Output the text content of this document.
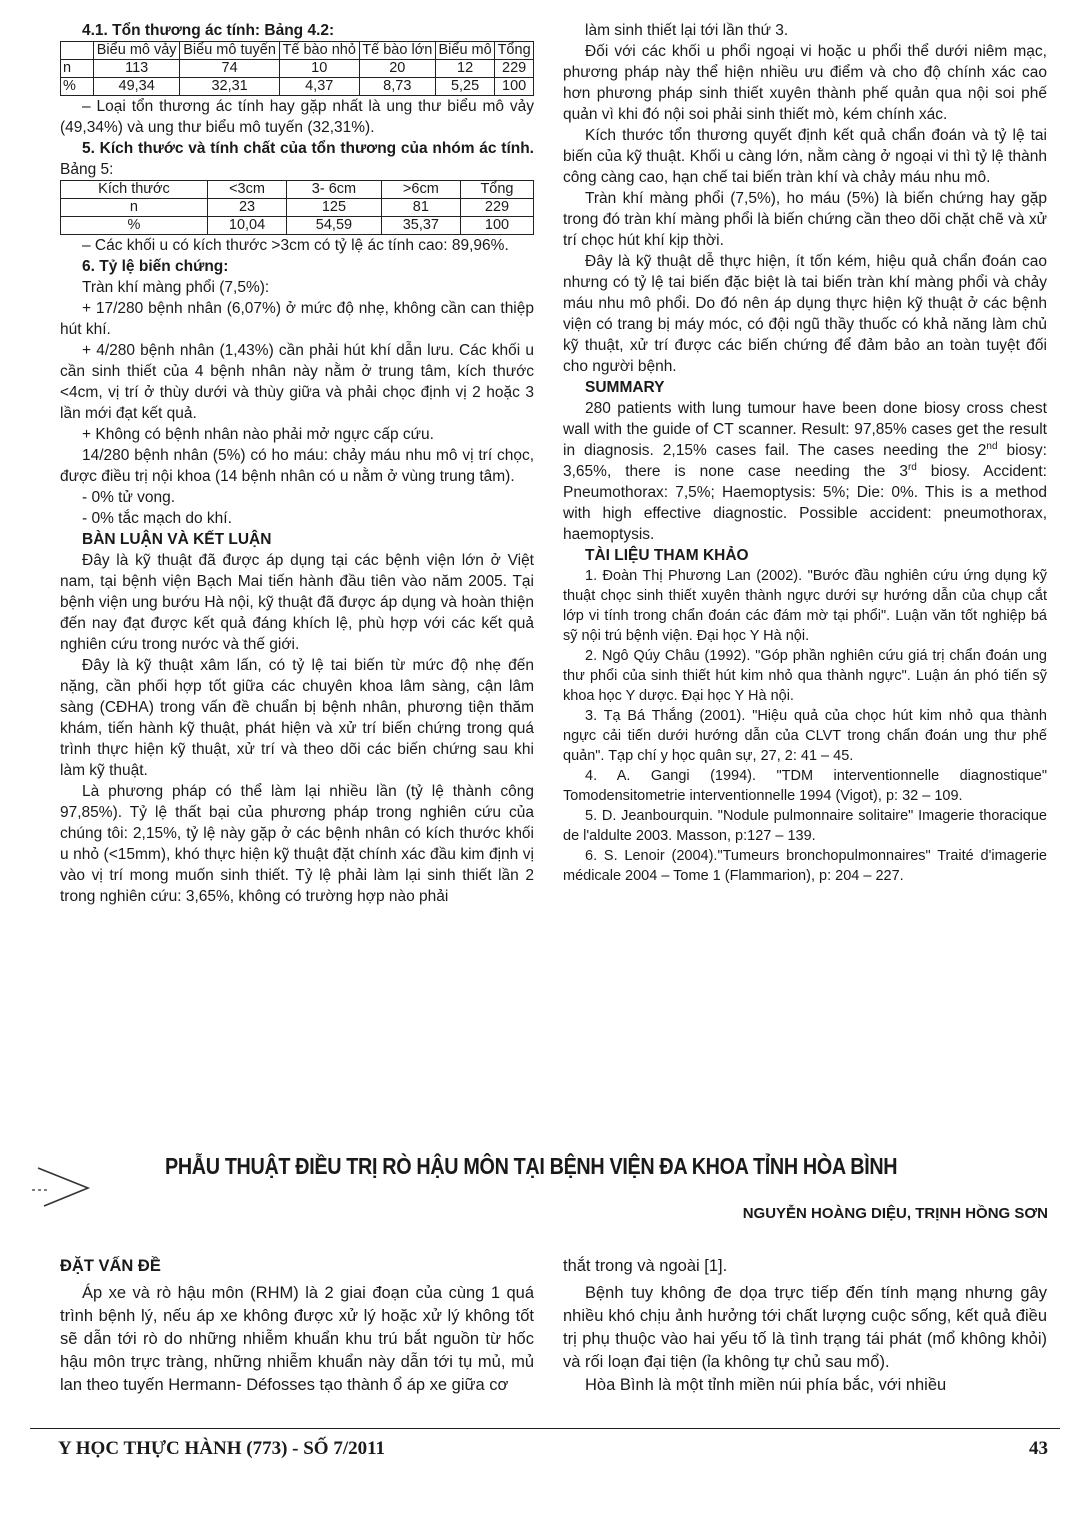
4.1. Tổn thương ác tính: Bảng 4.2:

	Biểu mô vảy	Biểu mô tuyến	Tế bào nhỏ	Tế bào lớn	Biểu mô	Tổng
n	113	74	10	20	12	229
%	49,34	32,31	4,37	8,73	5,25	100

– Loại tổn thương ác tính hay gặp nhất là ung thư biểu mô vảy (49,34%) và ung thư biểu mô tuyến (32,31%).

5. Kích thước và tính chất của tổn thương của nhóm ác tính. Bảng 5:

Kích thước	<3cm	3- 6cm	>6cm	Tổng
n	23	125	81	229
%	10,04	54,59	35,37	100

– Các khối u có kích thước >3cm có tỷ lệ ác tính cao: 89,96%.

6. Tỷ lệ biến chứng:

Tràn khí màng phổi (7,5%):

+ 17/280 bệnh nhân (6,07%) ở mức độ nhẹ, không cần can thiệp hút khí.

+ 4/280 bệnh nhân (1,43%) cần phải hút khí dẫn lưu. Các khối u cần sinh thiết của 4 bệnh nhân này nằm ở trung tâm, kích thước <4cm, vị trí ở thùy dưới và thùy giữa và phải chọc định vị 2 hoặc 3 lần mới đạt kết quả.

+ Không có bệnh nhân nào phải mở ngực cấp cứu.

14/280 bệnh nhân (5%) có ho máu: chảy máu nhu mô vị trí chọc, được điều trị nội khoa (14 bệnh nhân có u nằm ở vùng trung tâm).

- 0% tử vong.

- 0% tắc mạch do khí.

BÀN LUẬN VÀ KẾT LUẬN

Đây là kỹ thuật đã được áp dụng tại các bệnh viện lớn ở Việt nam, tại bệnh viện Bạch Mai tiến hành đầu tiên vào năm 2005. Tại bệnh viện ung bướu Hà nội, kỹ thuật đã được áp dụng và hoàn thiện đến nay đạt được kết quả đáng khích lệ, phù hợp với các kết quả nghiên cứu trong nước và thế giới.

Đây là kỹ thuật xâm lấn, có tỷ lệ tai biến từ mức độ nhẹ đến nặng, cần phối hợp tốt giữa các chuyên khoa lâm sàng, cận lâm sàng (CĐHA) trong vấn đề chuẩn bị bệnh nhân, phương tiện thăm khám, tiến hành kỹ thuật, phát hiện và xử trí biến chứng trong quá trình thực hiện kỹ thuật, xử trí và theo dõi các biến chứng sau khi làm kỹ thuật.

Là phương pháp có thể làm lại nhiều lần (tỷ lệ thành công 97,85%). Tỷ lệ thất bại của phương pháp trong nghiên cứu của chúng tôi: 2,15%, tỷ lệ này gặp ở các bệnh nhân có kích thước khối u nhỏ (<15mm), khó thực hiện kỹ thuật đặt chính xác đầu kim định vị vào vị trí mong muốn sinh thiết. Tỷ lệ phải làm lại sinh thiết lần 2 trong nghiên cứu: 3,65%, không có trường hợp nào phải

làm sinh thiết lại tới lần thứ 3.

Đối với các khối u phổi ngoại vi hoặc u phổi thể dưới niêm mạc, phương pháp này thể hiện nhiều ưu điểm và cho độ chính xác cao hơn phương pháp sinh thiết xuyên thành phế quản qua nội soi phế quản vì khi đó nội soi phải sinh thiết mò, kém chính xác.

Kích thước tổn thương quyết định kết quả chẩn đoán và tỷ lệ tai biến của kỹ thuật. Khối u càng lớn, nằm càng ở ngoại vi thì tỷ lệ thành công càng cao, hạn chế tai biến tràn khí và chảy máu nhu mô.

Tràn khí màng phổi (7,5%), ho máu (5%) là biến chứng hay gặp trong đó tràn khí màng phổi là biến chứng cần theo dõi chặt chẽ và xử trí chọc hút khí kịp thời.

Đây là kỹ thuật dễ thực hiện, ít tốn kém, hiệu quả chẩn đoán cao nhưng có tỷ lệ tai biến đặc biệt là tai biến tràn khí màng phổi và chảy máu nhu mô phổi. Do đó nên áp dụng thực hiện kỹ thuật ở các bệnh viện có trang bị máy móc, có đội ngũ thầy thuốc có khả năng làm chủ kỹ thuật, xử trí được các biến chứng để đảm bảo an toàn tuyệt đối cho người bệnh.

SUMMARY

280 patients with lung tumour have been done biosy cross chest wall with the guide of CT scanner. Result: 97,85% cases get the result in diagnosis. 2,15% cases fail. The cases needing the 2nd biosy: 3,65%, there is none case needing the 3rd biosy. Accident: Pneumothorax: 7,5%; Haemoptysis: 5%; Die: 0%. This is a method with high effective diagnostic. Possible accident: pneumothorax, haemoptysis.

TÀI LIỆU THAM KHẢO

1. Đoàn Thị Phương Lan (2002). "Bước đầu nghiên cứu ứng dụng kỹ thuật chọc sinh thiết xuyên thành ngực dưới sự hướng dẫn của chụp cắt lớp vi tính trong chẩn đoán các đám mờ tại phổi". Luận văn tốt nghiệp bá sỹ nội trú bệnh viện. Đại học Y Hà nội.

2. Ngô Qúy Châu (1992). "Góp phần nghiên cứu giá trị chẩn đoán ung thư phổi của sinh thiết hút kim nhỏ qua thành ngực". Luận án phó tiến sỹ khoa học Y dược. Đại học Y Hà nội.

3. Tạ Bá Thắng (2001). "Hiệu quả của chọc hút kim nhỏ qua thành ngực cải tiến dưới hướng dẫn của CLVT trong chẩn đoán ung thư phế quản". Tạp chí y học quân sự, 27, 2: 41 – 45.

4. A. Gangi (1994). "TDM interventionnelle diagnostique" Tomodensitometrie interventionnelle 1994 (Vigot), p: 32 – 109.

5. D. Jeanbourquin. "Nodule pulmonnaire solitaire" Imagerie thoracique de l'aldulte 2003. Masson, p:127 – 139.

6. S. Lenoir (2004)."Tumeurs bronchopulmonnaires" Traité d'imagerie médicale 2004 – Tome 1 (Flammarion), p: 204 – 227.

PHẪU THUẬT ĐIỀU TRỊ RÒ HẬU MÔN TẠI BỆNH VIỆN ĐA KHOA TỈNH HÒA BÌNH
NGUYỄN HOÀNG DIỆU, TRỊNH HỒNG SƠN

ĐẶT VẤN ĐỀ

Áp xe và rò hậu môn (RHM) là 2 giai đoạn của cùng 1 quá trình bệnh lý, nếu áp xe không được xử lý hoặc xử lý không tốt sẽ dẫn tới rò do những nhiễm khuẩn khu trú bắt nguồn từ hốc hậu môn trực tràng, những nhiễm khuẩn này dẫn tới tụ mủ, mủ lan theo tuyến Hermann- Défosses tạo thành ổ áp xe giữa cơ

thắt trong và ngoài [1].

Bệnh tuy không đe dọa trực tiếp đến tính mạng nhưng gây nhiều khó chịu ảnh hưởng tới chất lượng cuộc sống, kết quả điều trị phụ thuộc vào hai yếu tố là tình trạng tái phát (mổ không khỏi) và rối loạn đại tiện (ỉa không tự chủ sau mổ).

Hòa Bình là một tỉnh miền núi phía bắc, với nhiều

Y HỌC THỰC HÀNH (773) - SỐ 7/2011	43
